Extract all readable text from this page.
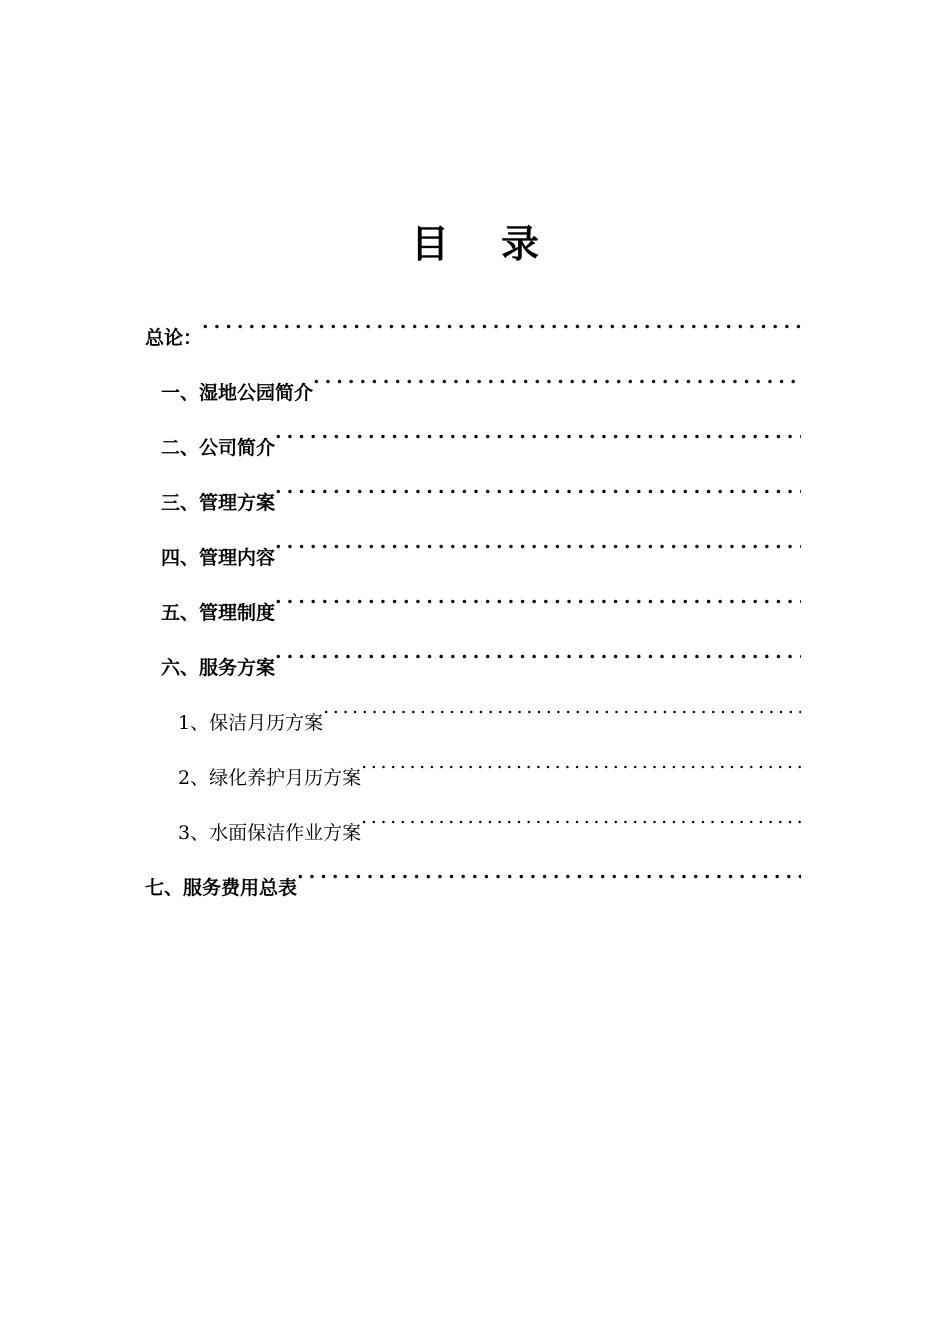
目 录
总论：
. . .
一、湿地公园简介
. . .
二、公司简介
. . .
三、管理方案
. . .
四、管理内容
. . .
五、管理制度
. . .
六、服务方案
. . .
1、保洁月历方案
. . .
2、绿化养护月历方案
. . .
3、水面保洁作业方案
. . .
七、服务费用总表
. . .
